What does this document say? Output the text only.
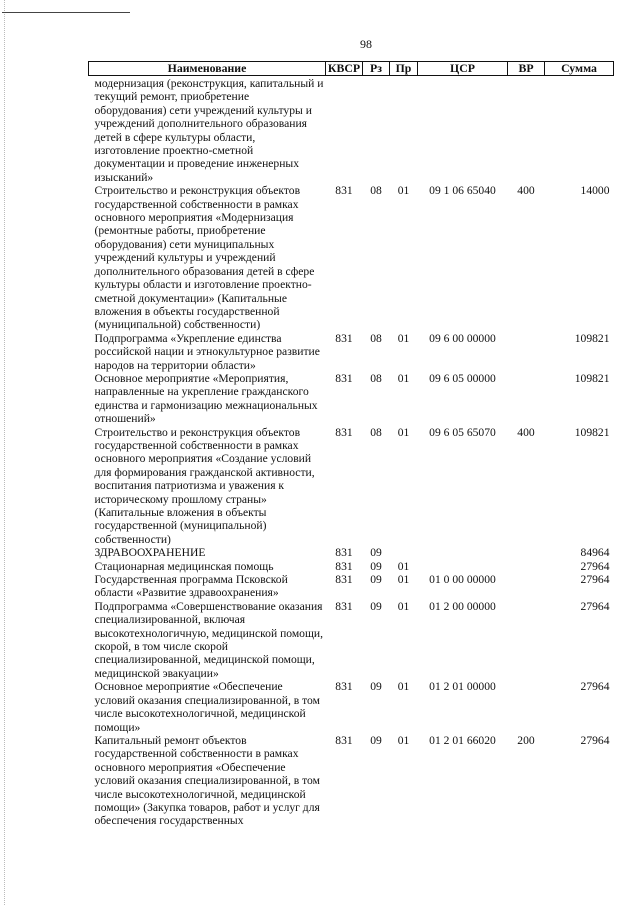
98
Наименование	КВСР	Рз	Пр	ЦСР	ВР	Сумма
модернизация (реконструкция, капитальный и текущий ремонт, приобретение оборудования) сети учреждений культуры и учреждений дополнительного образования детей в сфере культуры области, изготовление проектно-сметной документации и проведение инженерных изысканий»						
Строительство и реконструкция объектов государственной собственности в рамках основного мероприятия «Модернизация (ремонтные работы, приобретение оборудования) сети муниципальных учреждений культуры и учреждений дополнительного образования детей в сфере культуры области и изготовление проектно-сметной документации» (Капитальные вложения в объекты государственной (муниципальной) собственности)	831	08	01	09 1 06 65040	400	14000
Подпрограмма «Укрепление единства российской нации и этнокультурное развитие народов на территории области»	831	08	01	09 6 00 00000		109821
Основное мероприятие «Мероприятия, направленные на укрепление гражданского единства и гармонизацию межнациональных отношений»	831	08	01	09 6 05 00000		109821
Строительство и реконструкция объектов государственной собственности в рамках основного мероприятия «Создание условий для формирования гражданской активности, воспитания патриотизма и уважения к историческому прошлому страны» (Капитальные вложения в объекты государственной (муниципальной) собственности)	831	08	01	09 6 05 65070	400	109821
ЗДРАВООХРАНЕНИЕ	831	09				84964
Стационарная медицинская помощь	831	09	01			27964
Государственная программа Псковской области «Развитие здравоохранения»	831	09	01	01 0 00 00000		27964
Подпрограмма «Совершенствование оказания специализированной, включая высокотехнологичную, медицинской помощи, скорой, в том числе скорой специализированной, медицинской помощи, медицинской эвакуации»	831	09	01	01 2 00 00000		27964
Основное мероприятие «Обеспечение условий оказания специализированной, в том числе высокотехнологичной, медицинской помощи»	831	09	01	01 2 01 00000		27964
Капитальный ремонт объектов государственной собственности в рамках основного мероприятия «Обеспечение условий оказания специализированной, в том числе высокотехнологичной, медицинской помощи» (Закупка товаров, работ и услуг для обеспечения государственных	831	09	01	01 2 01 66020	200	27964
